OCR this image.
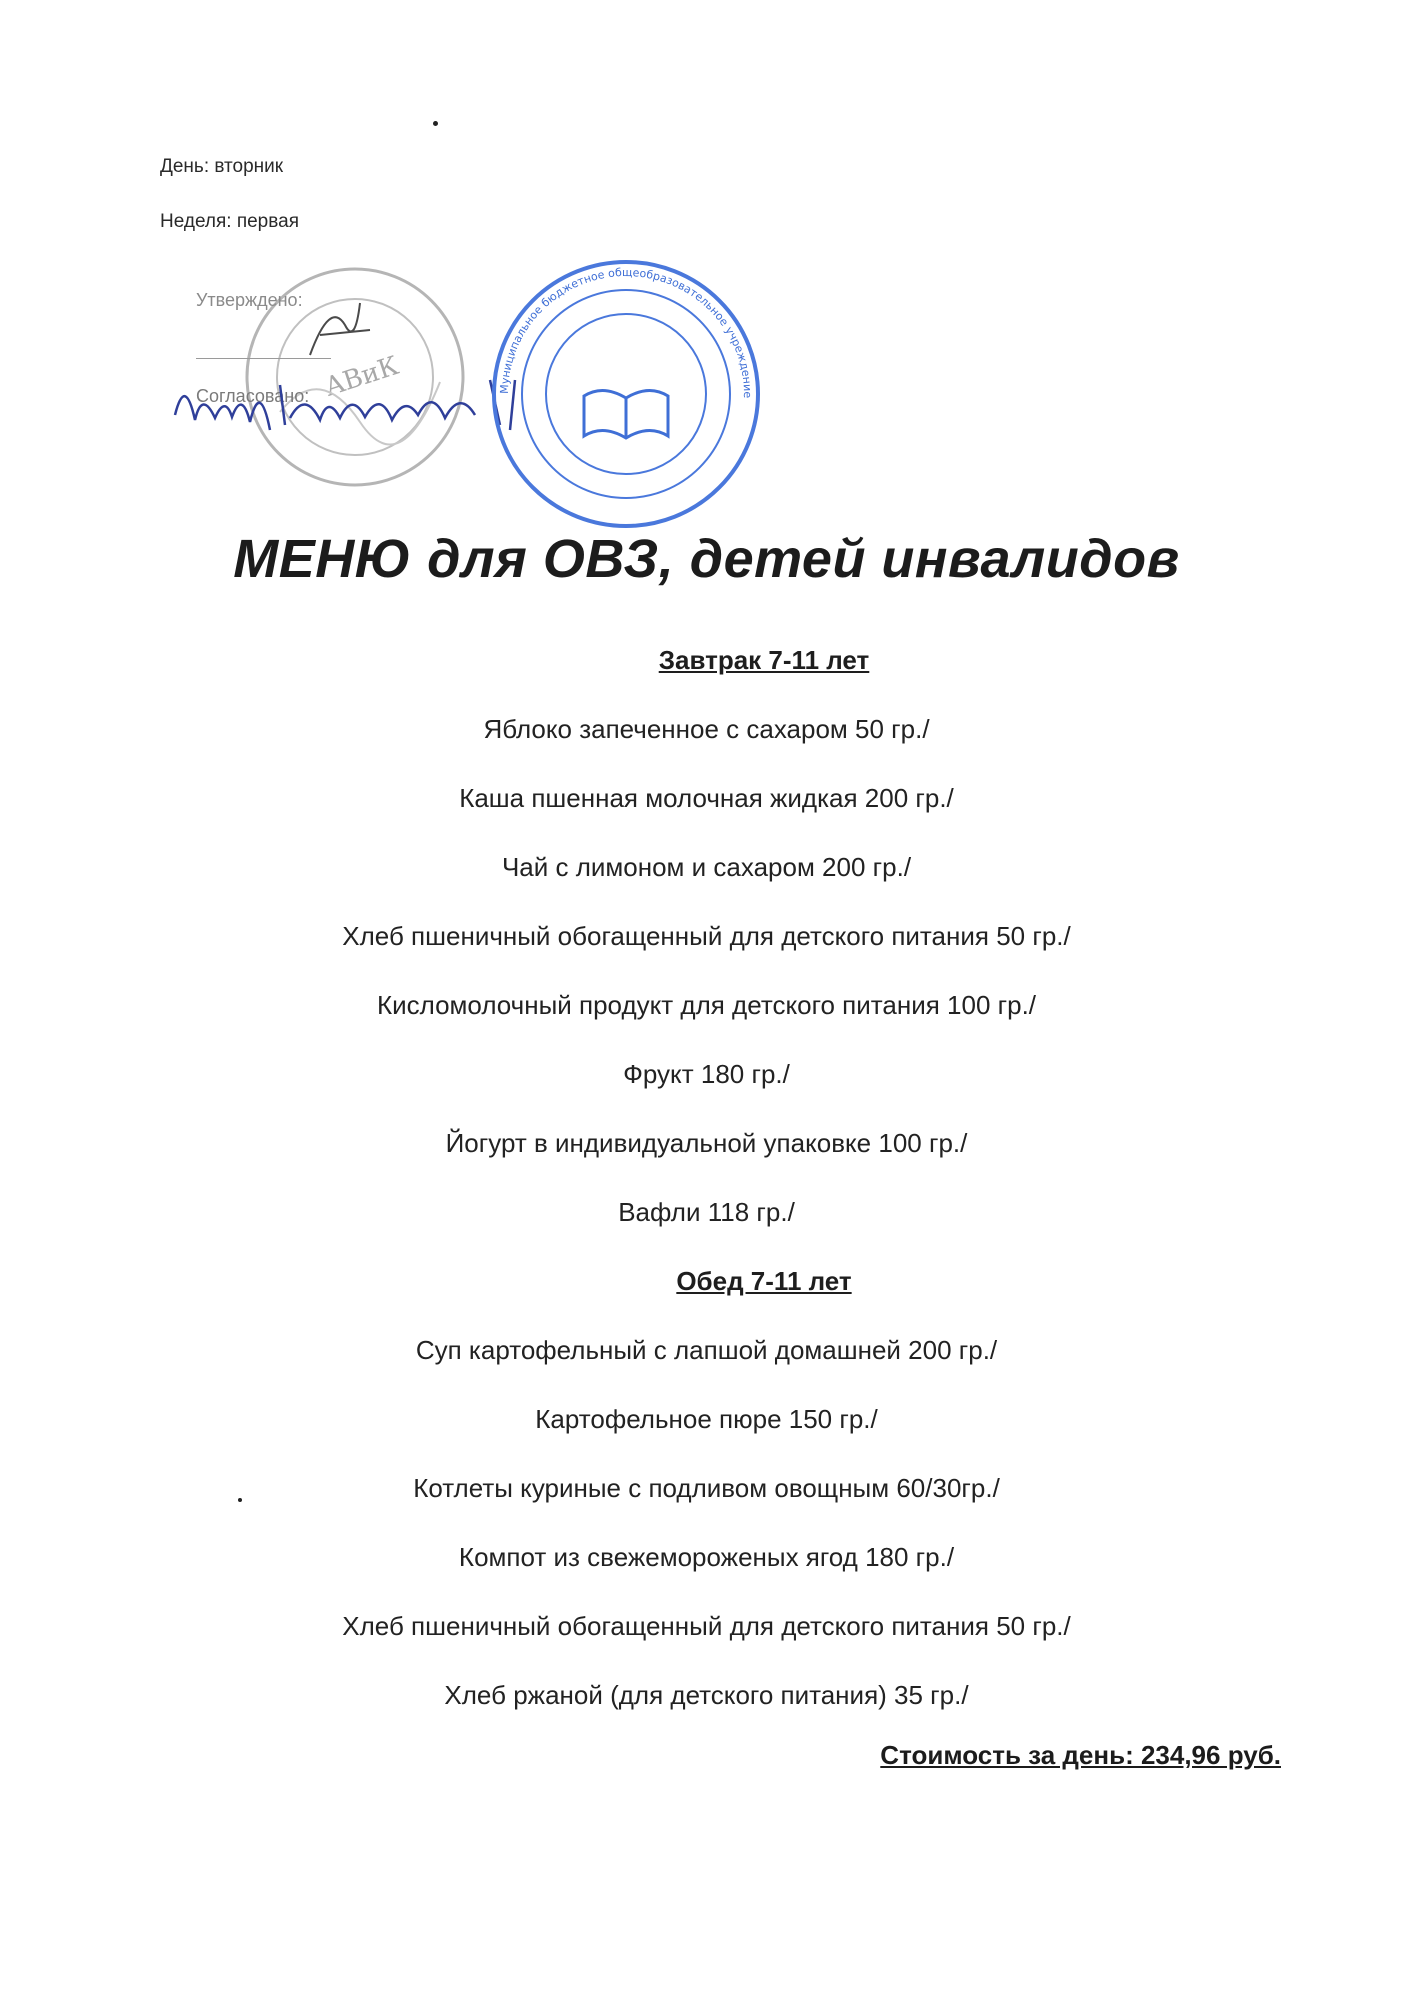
День: вторник
Неделя: первая
AВиК
Утверждено:
Согласовано:	Муниципальное бюджетное общеобразовательное учреждение
МЕНЮ для ОВЗ, детей инвалидов
Завтрак 7-11 лет
Яблоко запеченное с сахаром 50 гр./
Каша пшенная молочная жидкая 200 гр./
Чай с лимоном и сахаром 200 гр./
Хлеб пшеничный обогащенный для детского питания 50 гр./
Кисломолочный продукт для детского питания 100 гр./
Фрукт 180 гр./
Йогурт в индивидуальной упаковке 100 гр./
Вафли 118 гр./
Обед 7-11 лет
Суп картофельный с лапшой домашней 200 гр./
Картофельное пюре 150 гр./
Котлеты куриные с подливом овощным 60/30гр./
Компот из свежемороженых ягод 180 гр./
Хлеб пшеничный обогащенный для детского питания 50 гр./
Хлеб ржаной (для детского питания) 35 гр./
Стоимость за день: 234,96 руб.
